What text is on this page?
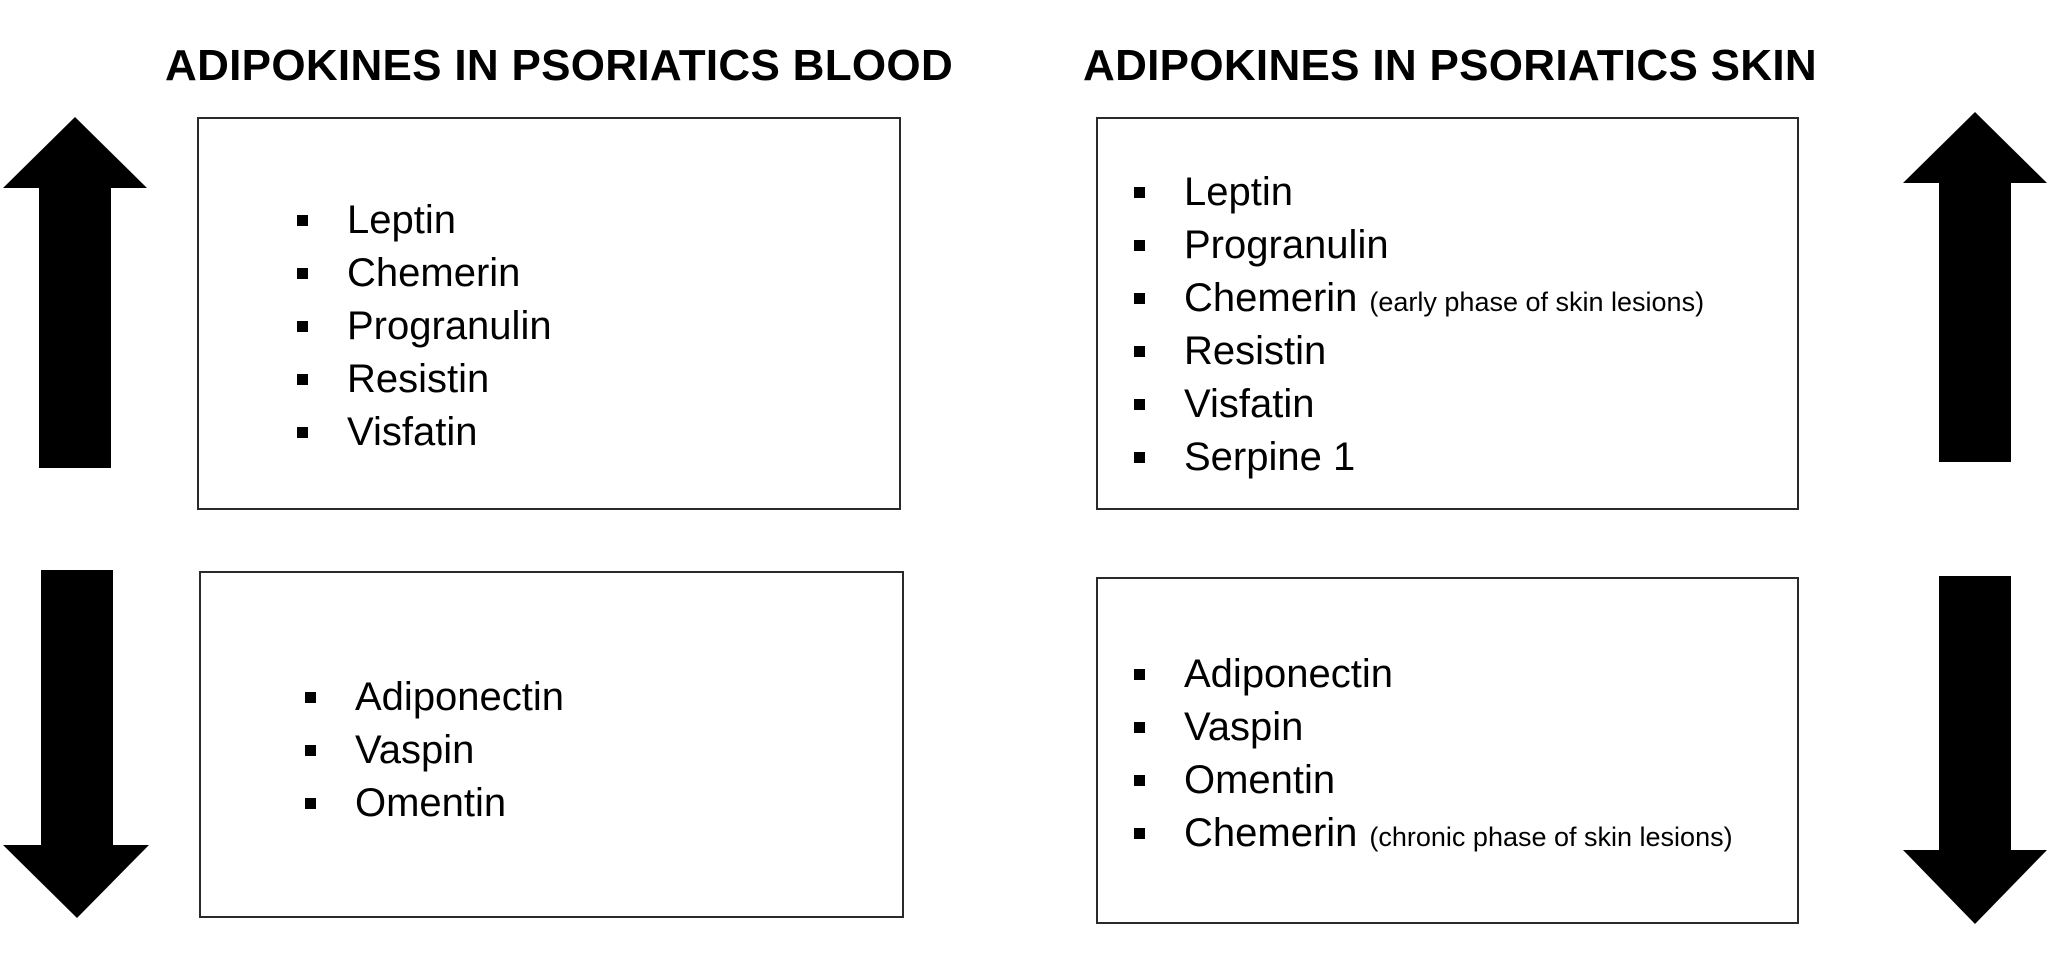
ADIPOKINES IN PSORIATICS BLOOD	ADIPOKINES IN PSORIATICS SKIN
Leptin
Chemerin
Progranulin
Resistin
Visfatin
Adiponectin
Vaspin
Omentin
Leptin
Progranulin
Chemerin (early phase of skin lesions)
Resistin
Visfatin
Serpine 1
Adiponectin
Vaspin
Omentin
Chemerin (chronic phase of skin lesions)
